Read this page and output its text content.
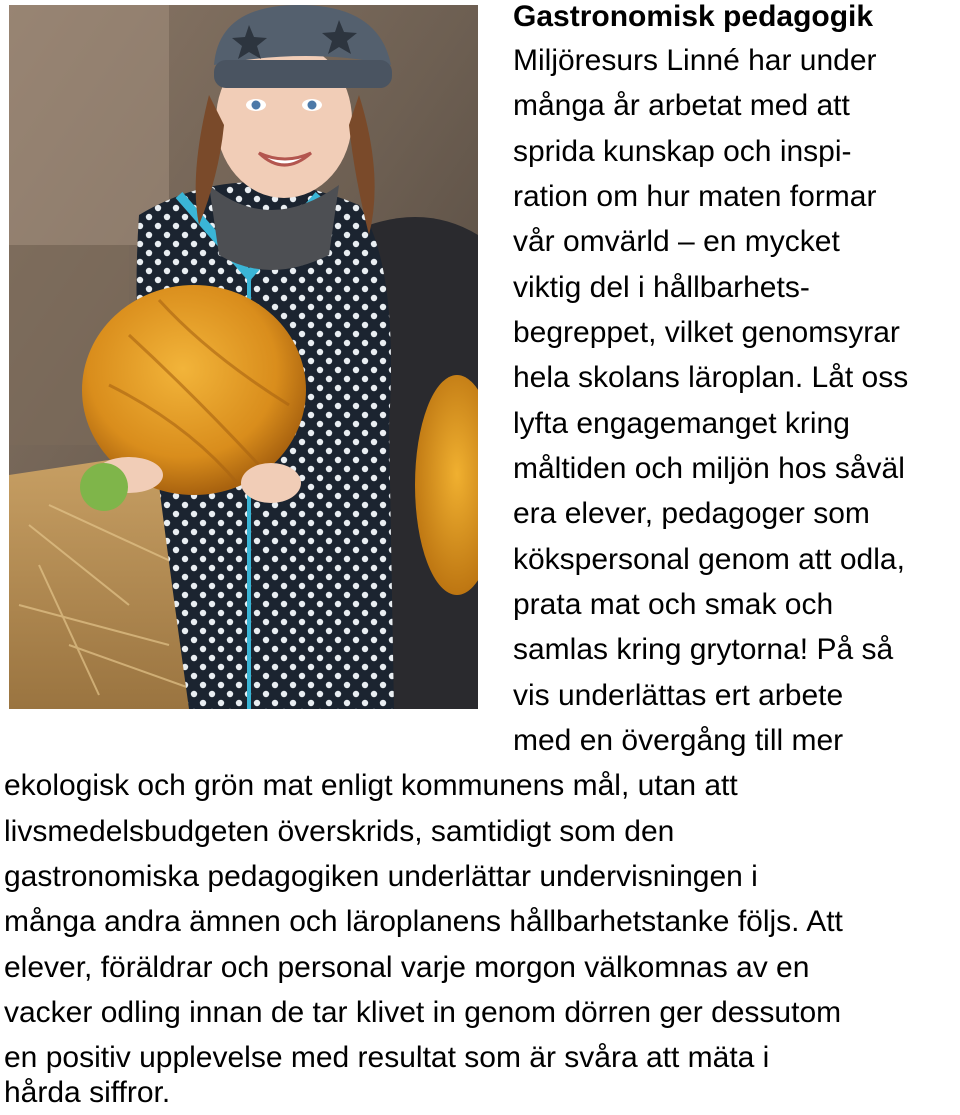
Gastronomisk pedagogik
Miljöresurs Linné har under
många år arbetat med att
sprida kunskap och inspi-
ration om hur maten formar
vår omvärld – en mycket
viktig del i hållbarhets-
begreppet, vilket genomsyrar
hela skolans läroplan. Låt oss
lyfta engagemanget kring
måltiden och miljön hos såväl
era elever, pedagoger som
kökspersonal genom att odla,
prata mat och smak och
samlas kring grytorna! På så
vis underlättas ert arbete
med en övergång till mer
ekologisk och grön mat enligt kommunens mål, utan att
livsmedelsbudgeten överskrids, samtidigt som den
gastronomiska pedagogiken underlättar undervisningen i
många andra ämnen och läroplanens hållbarhetstanke följs. Att
elever, föräldrar och personal varje morgon välkomnas av en
vacker odling innan de tar klivet in genom dörren ger dessutom
en positiv upplevelse med resultat som är svåra att mäta i
hårda siffror.
